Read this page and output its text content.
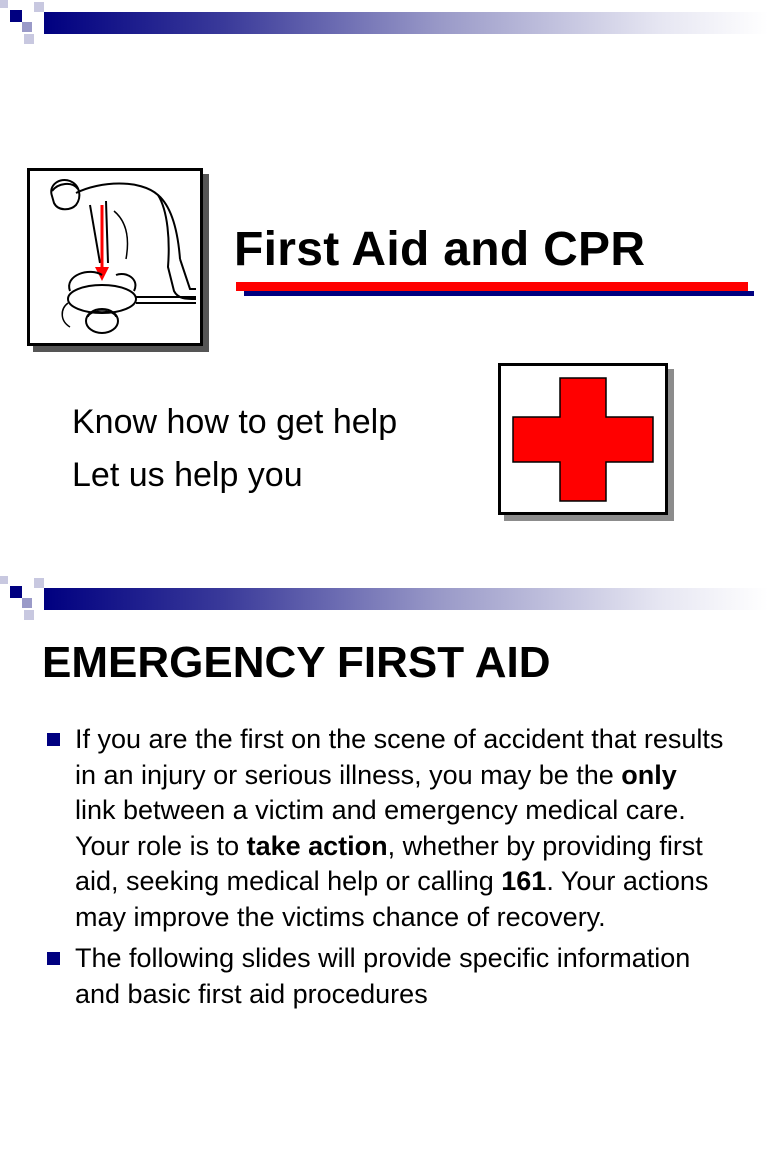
First Aid and CPR
Know how to get help
Let us help you
EMERGENCY FIRST AID

If you are the first on the scene of accident that results in an injury or serious illness, you may be the only link between a victim and emergency medical care. Your role is to take action, whether by providing first aid, seeking medical help or calling 161. Your actions may improve the victims chance of recovery.

The following slides will provide specific information and basic first aid procedures
